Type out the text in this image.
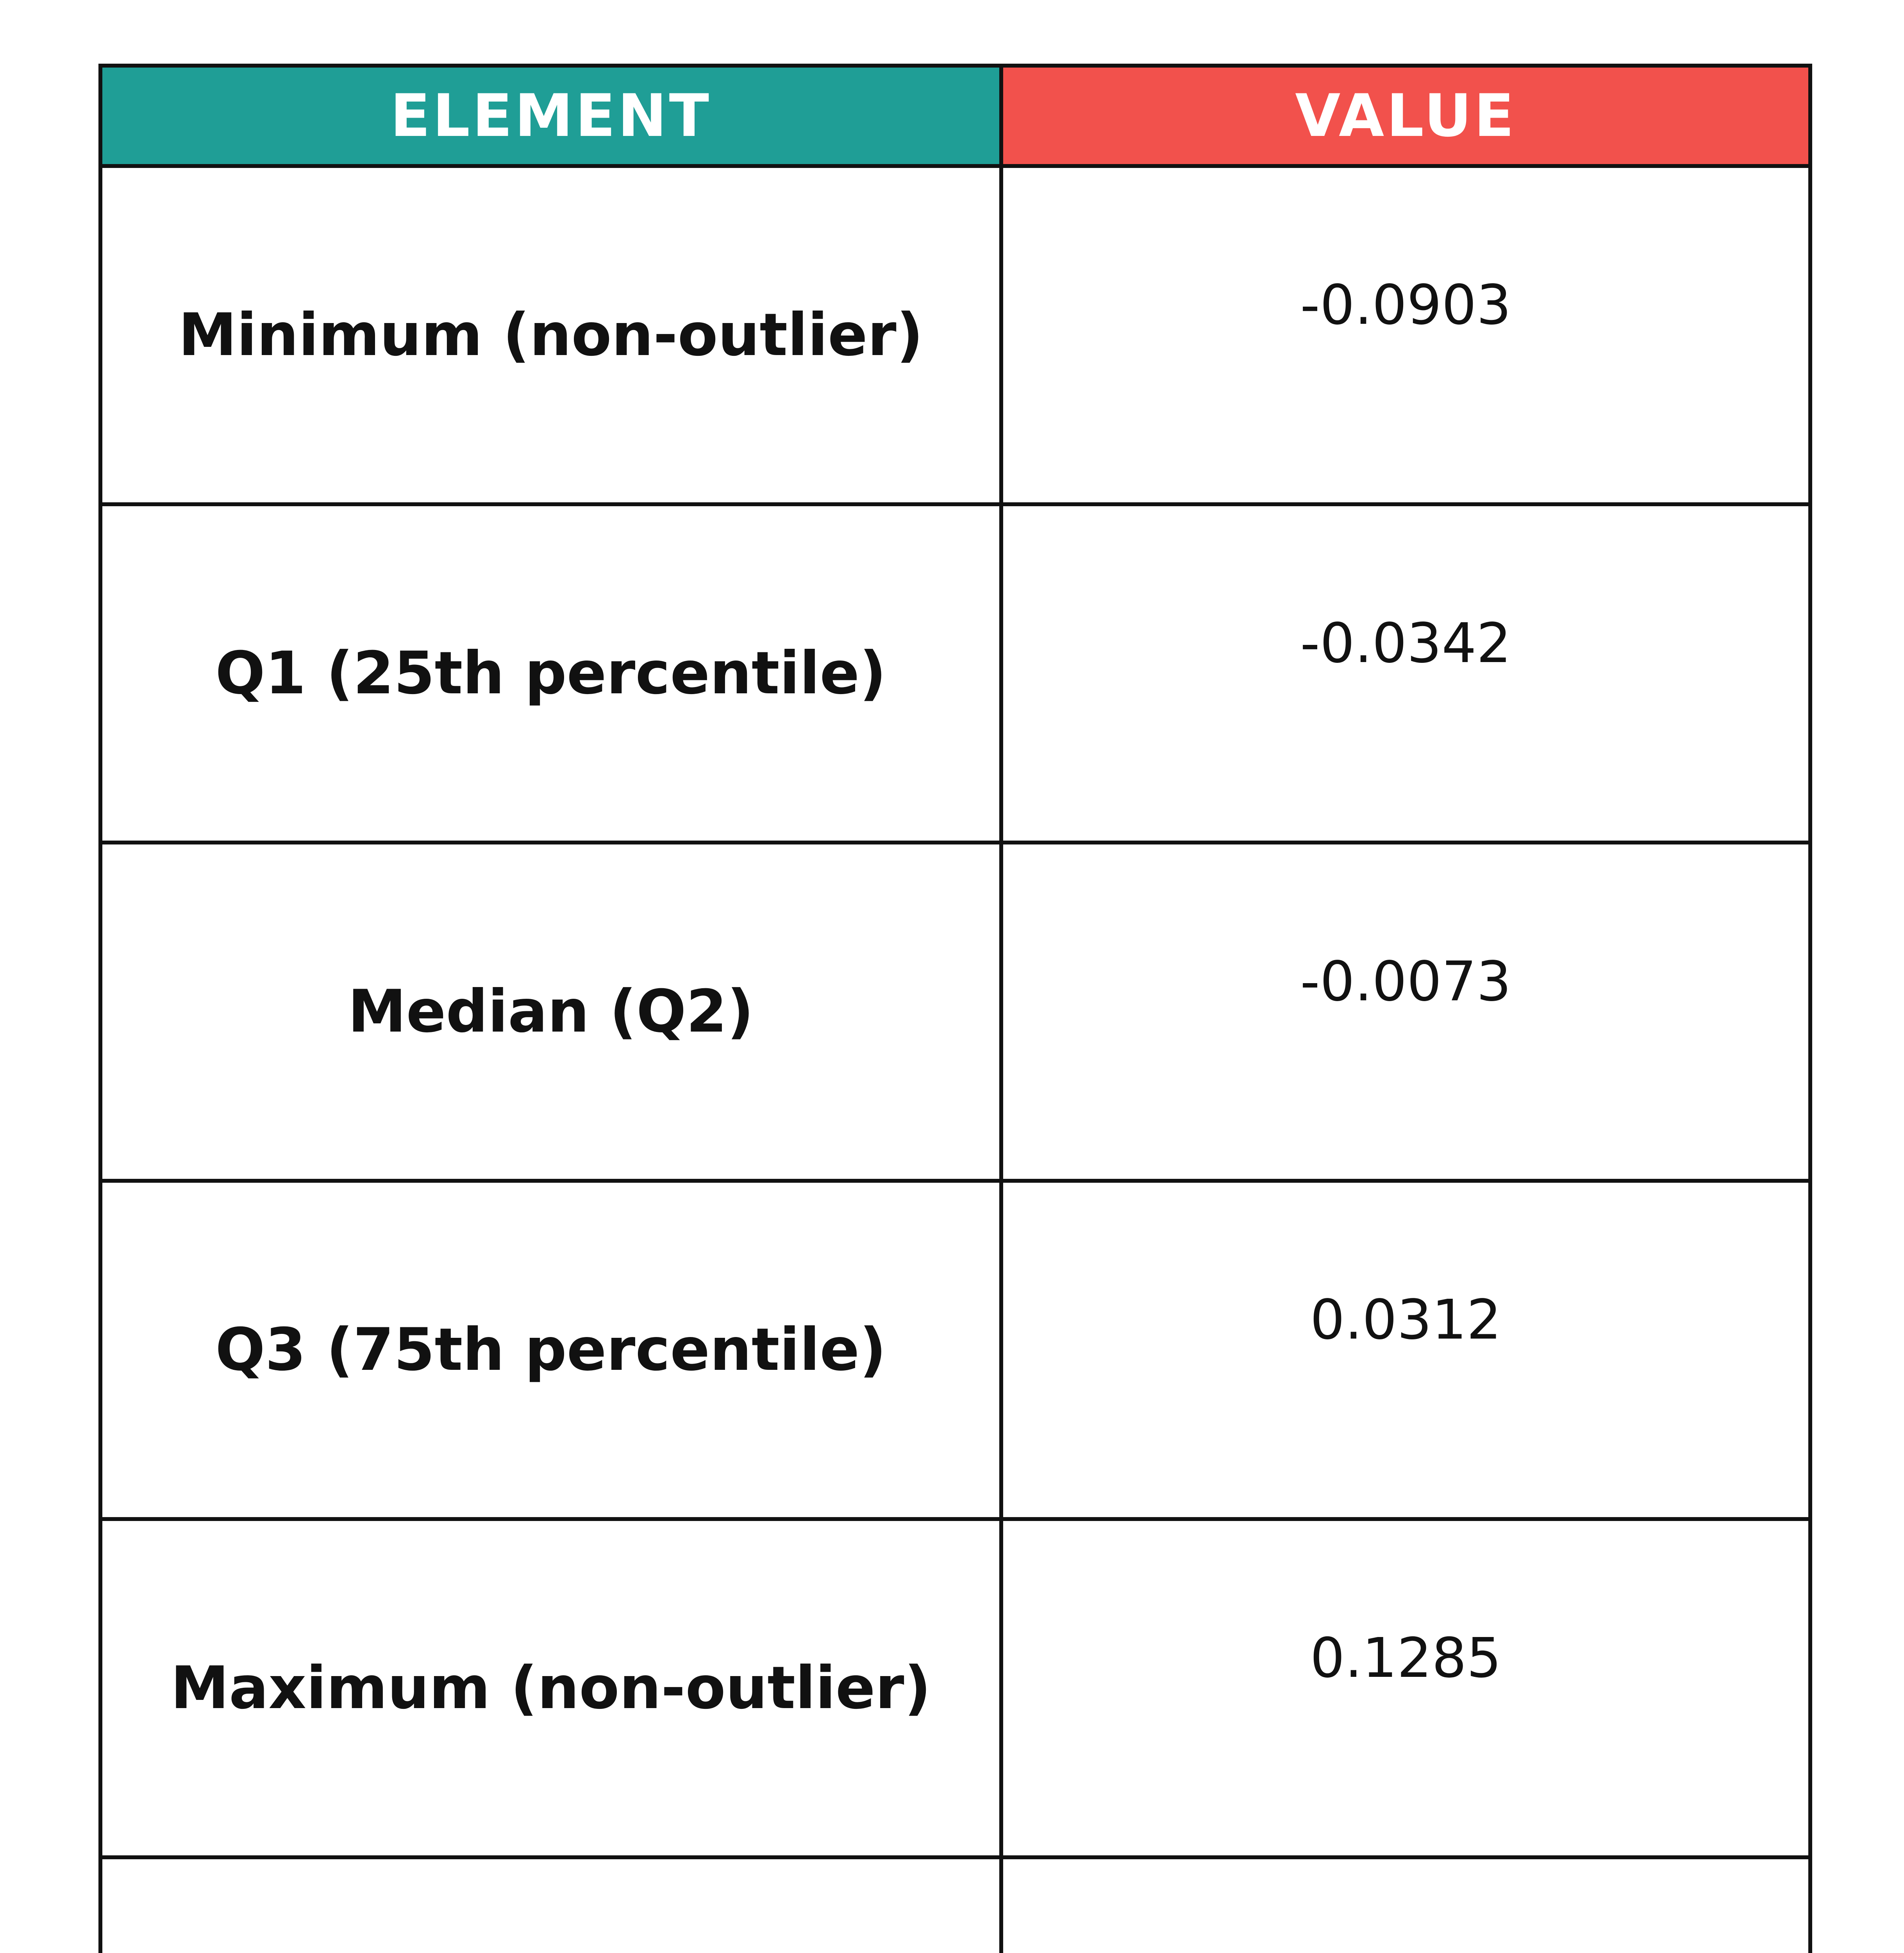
ELEMENT	VALUE
Minimum (non-outlier)	-0.0903
Q1 (25th percentile)	-0.0342
Median (Q2)	-0.0073
Q3 (75th percentile)	0.0312
Maximum (non-outlier)	0.1285
